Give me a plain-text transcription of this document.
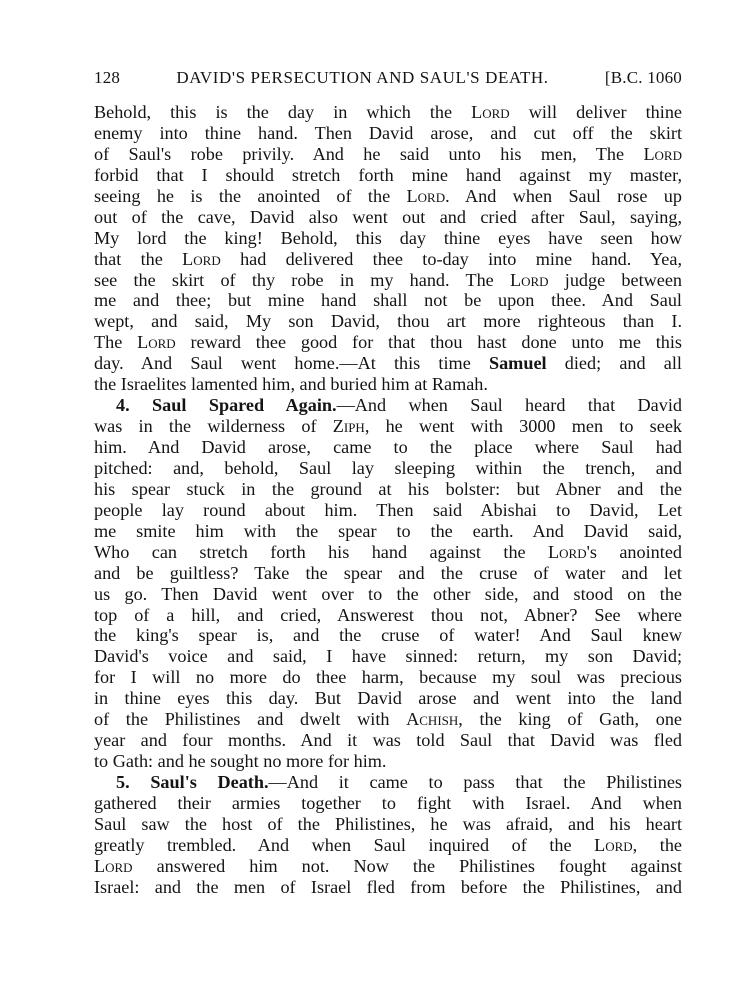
128	DAVID'S PERSECUTION AND SAUL'S DEATH.	[B.C. 1060
Behold, this is the day in which the Lord will deliver thine
enemy into thine hand. Then David arose, and cut off the skirt
of Saul's robe privily. And he said unto his men, The Lord
forbid that I should stretch forth mine hand against my master,
seeing he is the anointed of the Lord. And when Saul rose up
out of the cave, David also went out and cried after Saul, saying,
My lord the king! Behold, this day thine eyes have seen how
that the Lord had delivered thee to-day into mine hand. Yea,
see the skirt of thy robe in my hand. The Lord judge between
me and thee; but mine hand shall not be upon thee. And Saul
wept, and said, My son David, thou art more righteous than I.
The Lord reward thee good for that thou hast done unto me this
day. And Saul went home.—At this time Samuel died; and all
the Israelites lamented him, and buried him at Ramah.
4. Saul Spared Again.—And when Saul heard that David
was in the wilderness of Ziph, he went with 3000 men to seek
him. And David arose, came to the place where Saul had
pitched: and, behold, Saul lay sleeping within the trench, and
his spear stuck in the ground at his bolster: but Abner and the
people lay round about him. Then said Abishai to David, Let
me smite him with the spear to the earth. And David said,
Who can stretch forth his hand against the Lord's anointed
and be guiltless? Take the spear and the cruse of water and let
us go. Then David went over to the other side, and stood on the
top of a hill, and cried, Answerest thou not, Abner? See where
the king's spear is, and the cruse of water! And Saul knew
David's voice and said, I have sinned: return, my son David;
for I will no more do thee harm, because my soul was precious
in thine eyes this day. But David arose and went into the land
of the Philistines and dwelt with Achish, the king of Gath, one
year and four months. And it was told Saul that David was fled
to Gath: and he sought no more for him.
5. Saul's Death.—And it came to pass that the Philistines
gathered their armies together to fight with Israel. And when
Saul saw the host of the Philistines, he was afraid, and his heart
greatly trembled. And when Saul inquired of the Lord, the
Lord answered him not. Now the Philistines fought against
Israel: and the men of Israel fled from before the Philistines, and
